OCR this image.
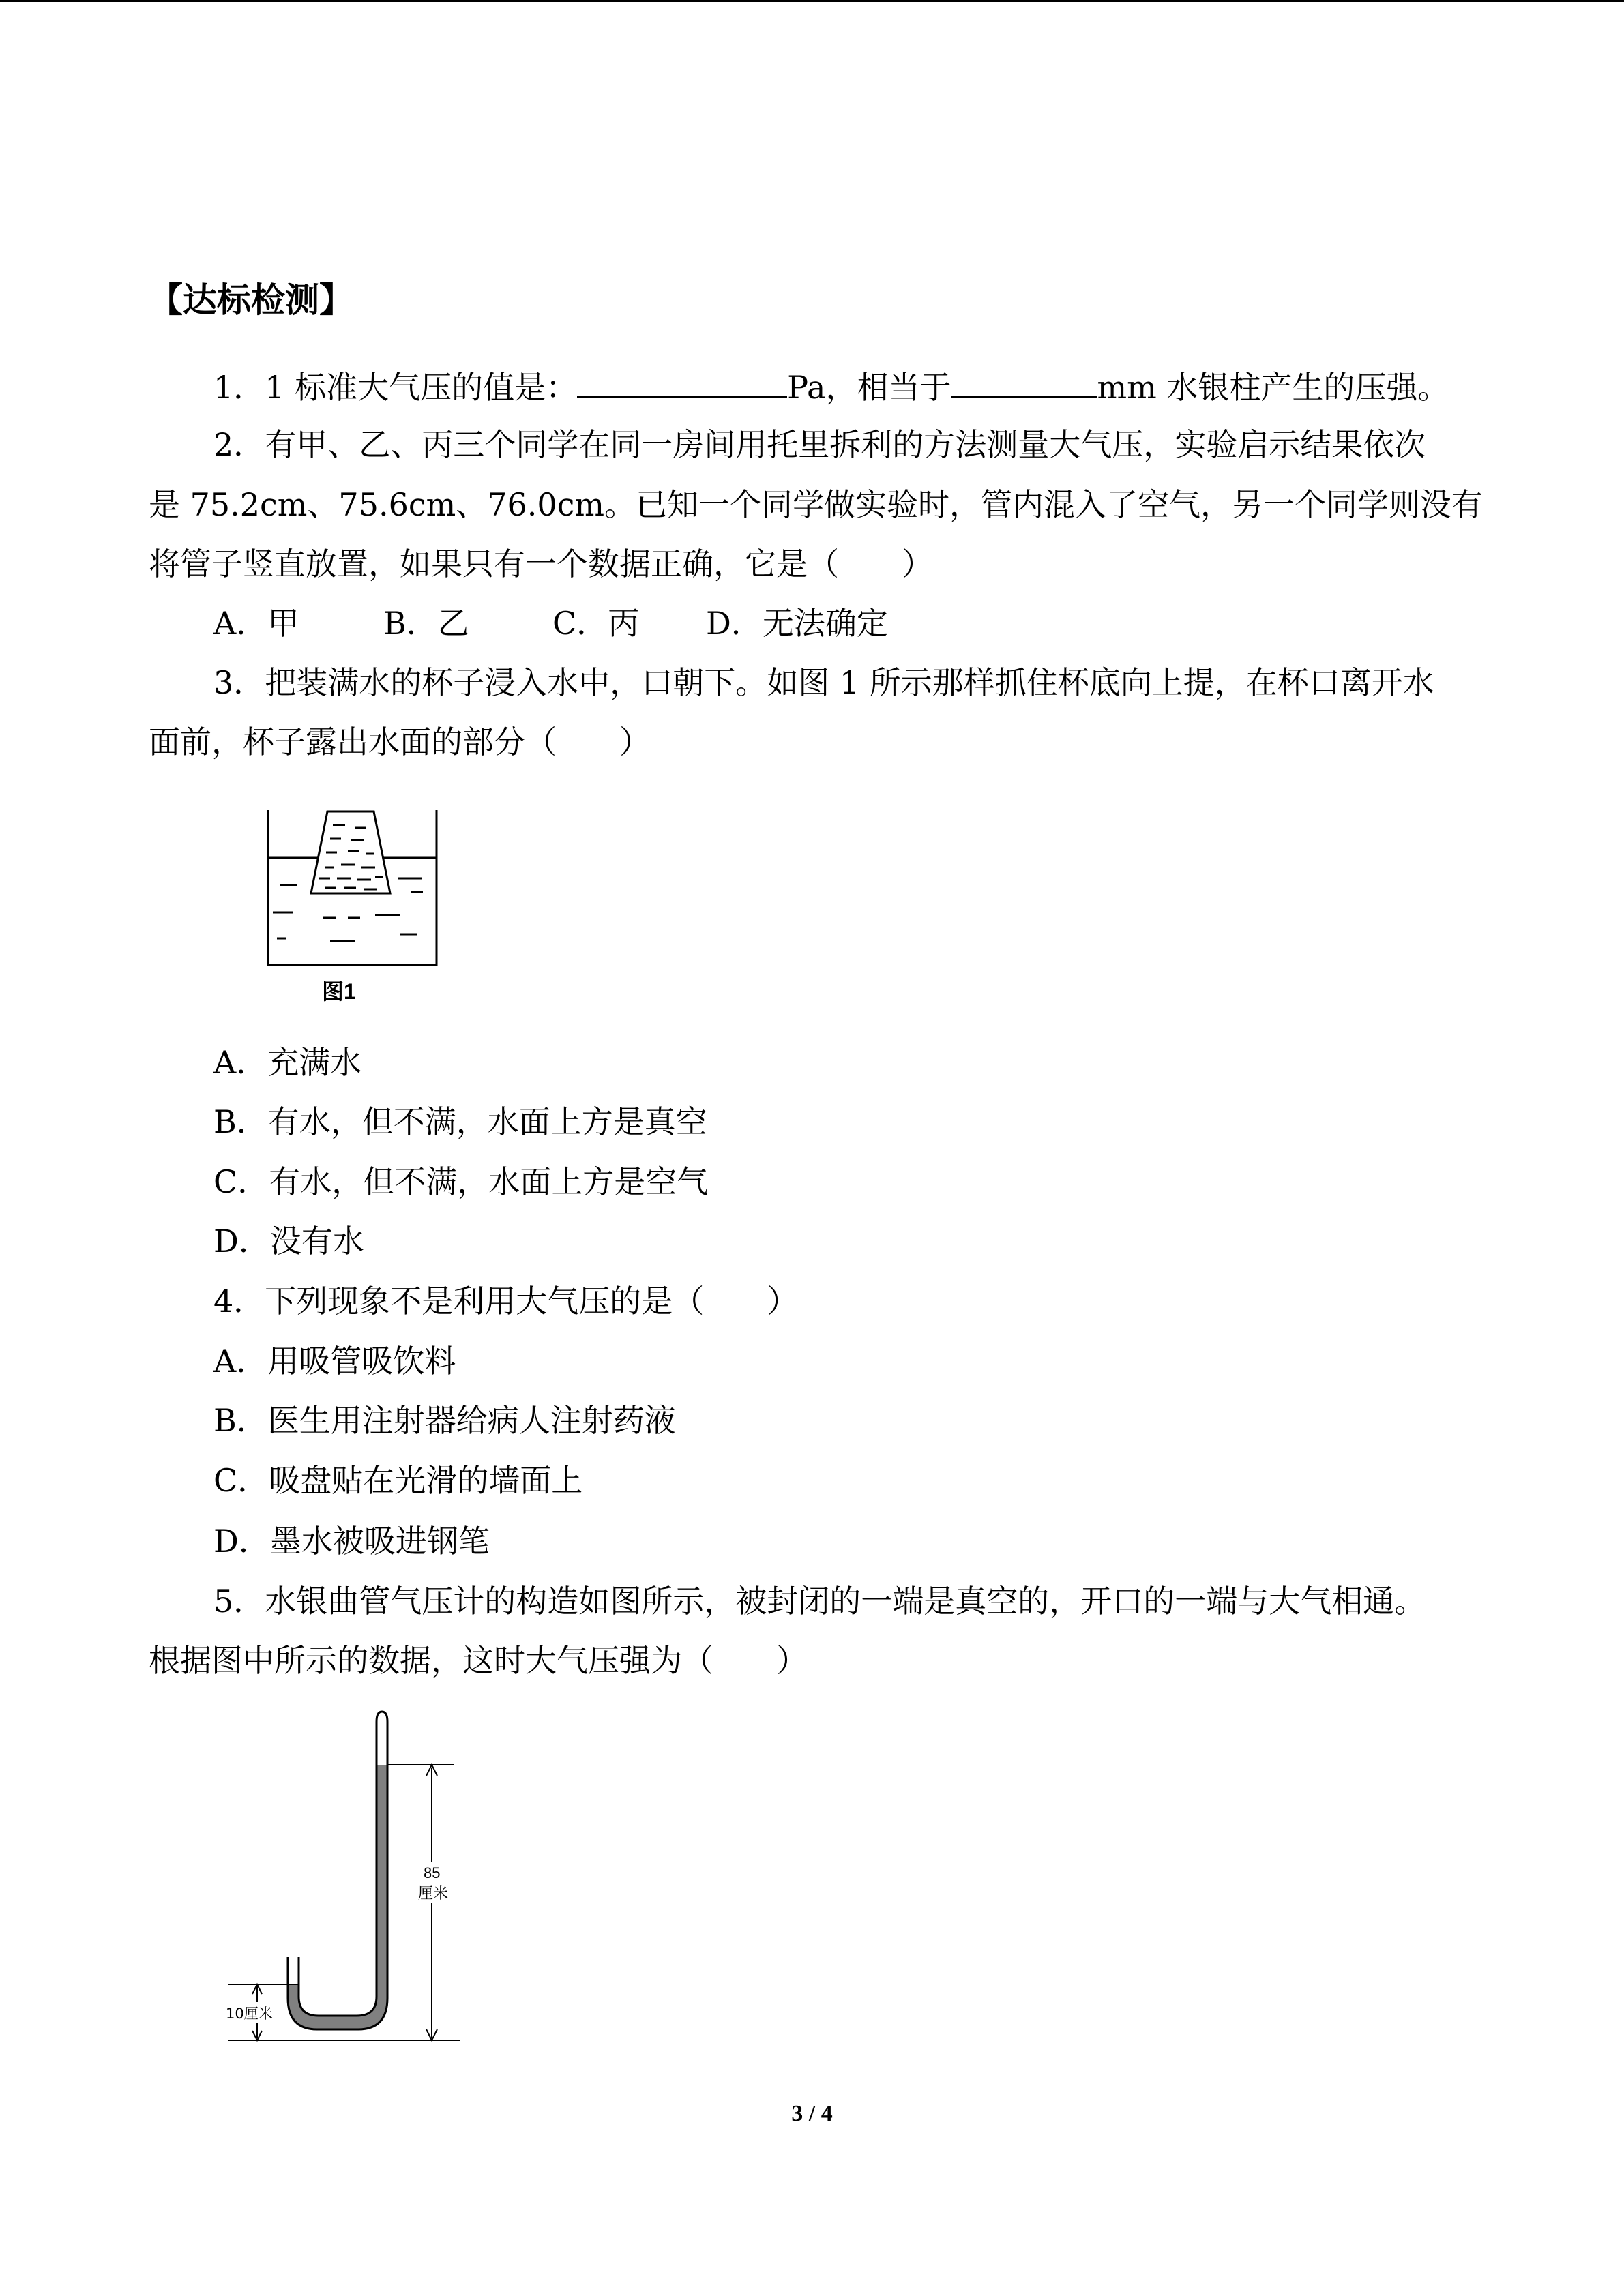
【达标检测】
1．1 标准大气压的值是：	Pa，相当于	mm 水银柱产生的压强。
2．有甲、乙、丙三个同学在同一房间用托里拆利的方法测量大气压，实验启示结果依次
是 75.2cm、75.6cm、76.0cm。已知一个同学做实验时，管内混入了空气，另一个同学则没有
将管子竖直放置，如果只有一个数据正确，它是（　　）
A．甲	B．乙	C．丙 D．无法确定
3．把装满水的杯子浸入水中，口朝下。如图 1 所示那样抓住杯底向上提，在杯口离开水
面前，杯子露出水面的部分（　　）
图1
A．充满水
B．有水，但不满，水面上方是真空
C．有水，但不满，水面上方是空气
D．没有水
4．下列现象不是利用大气压的是（　　）
A．用吸管吸饮料
B．医生用注射器给病人注射药液
C．吸盘贴在光滑的墙面上
D．墨水被吸进钢笔
5．水银曲管气压计的构造如图所示，被封闭的一端是真空的，开口的一端与大气相通。
根据图中所示的数据，这时大气压强为（　　）
85
厘米
10厘米
3 / 4
